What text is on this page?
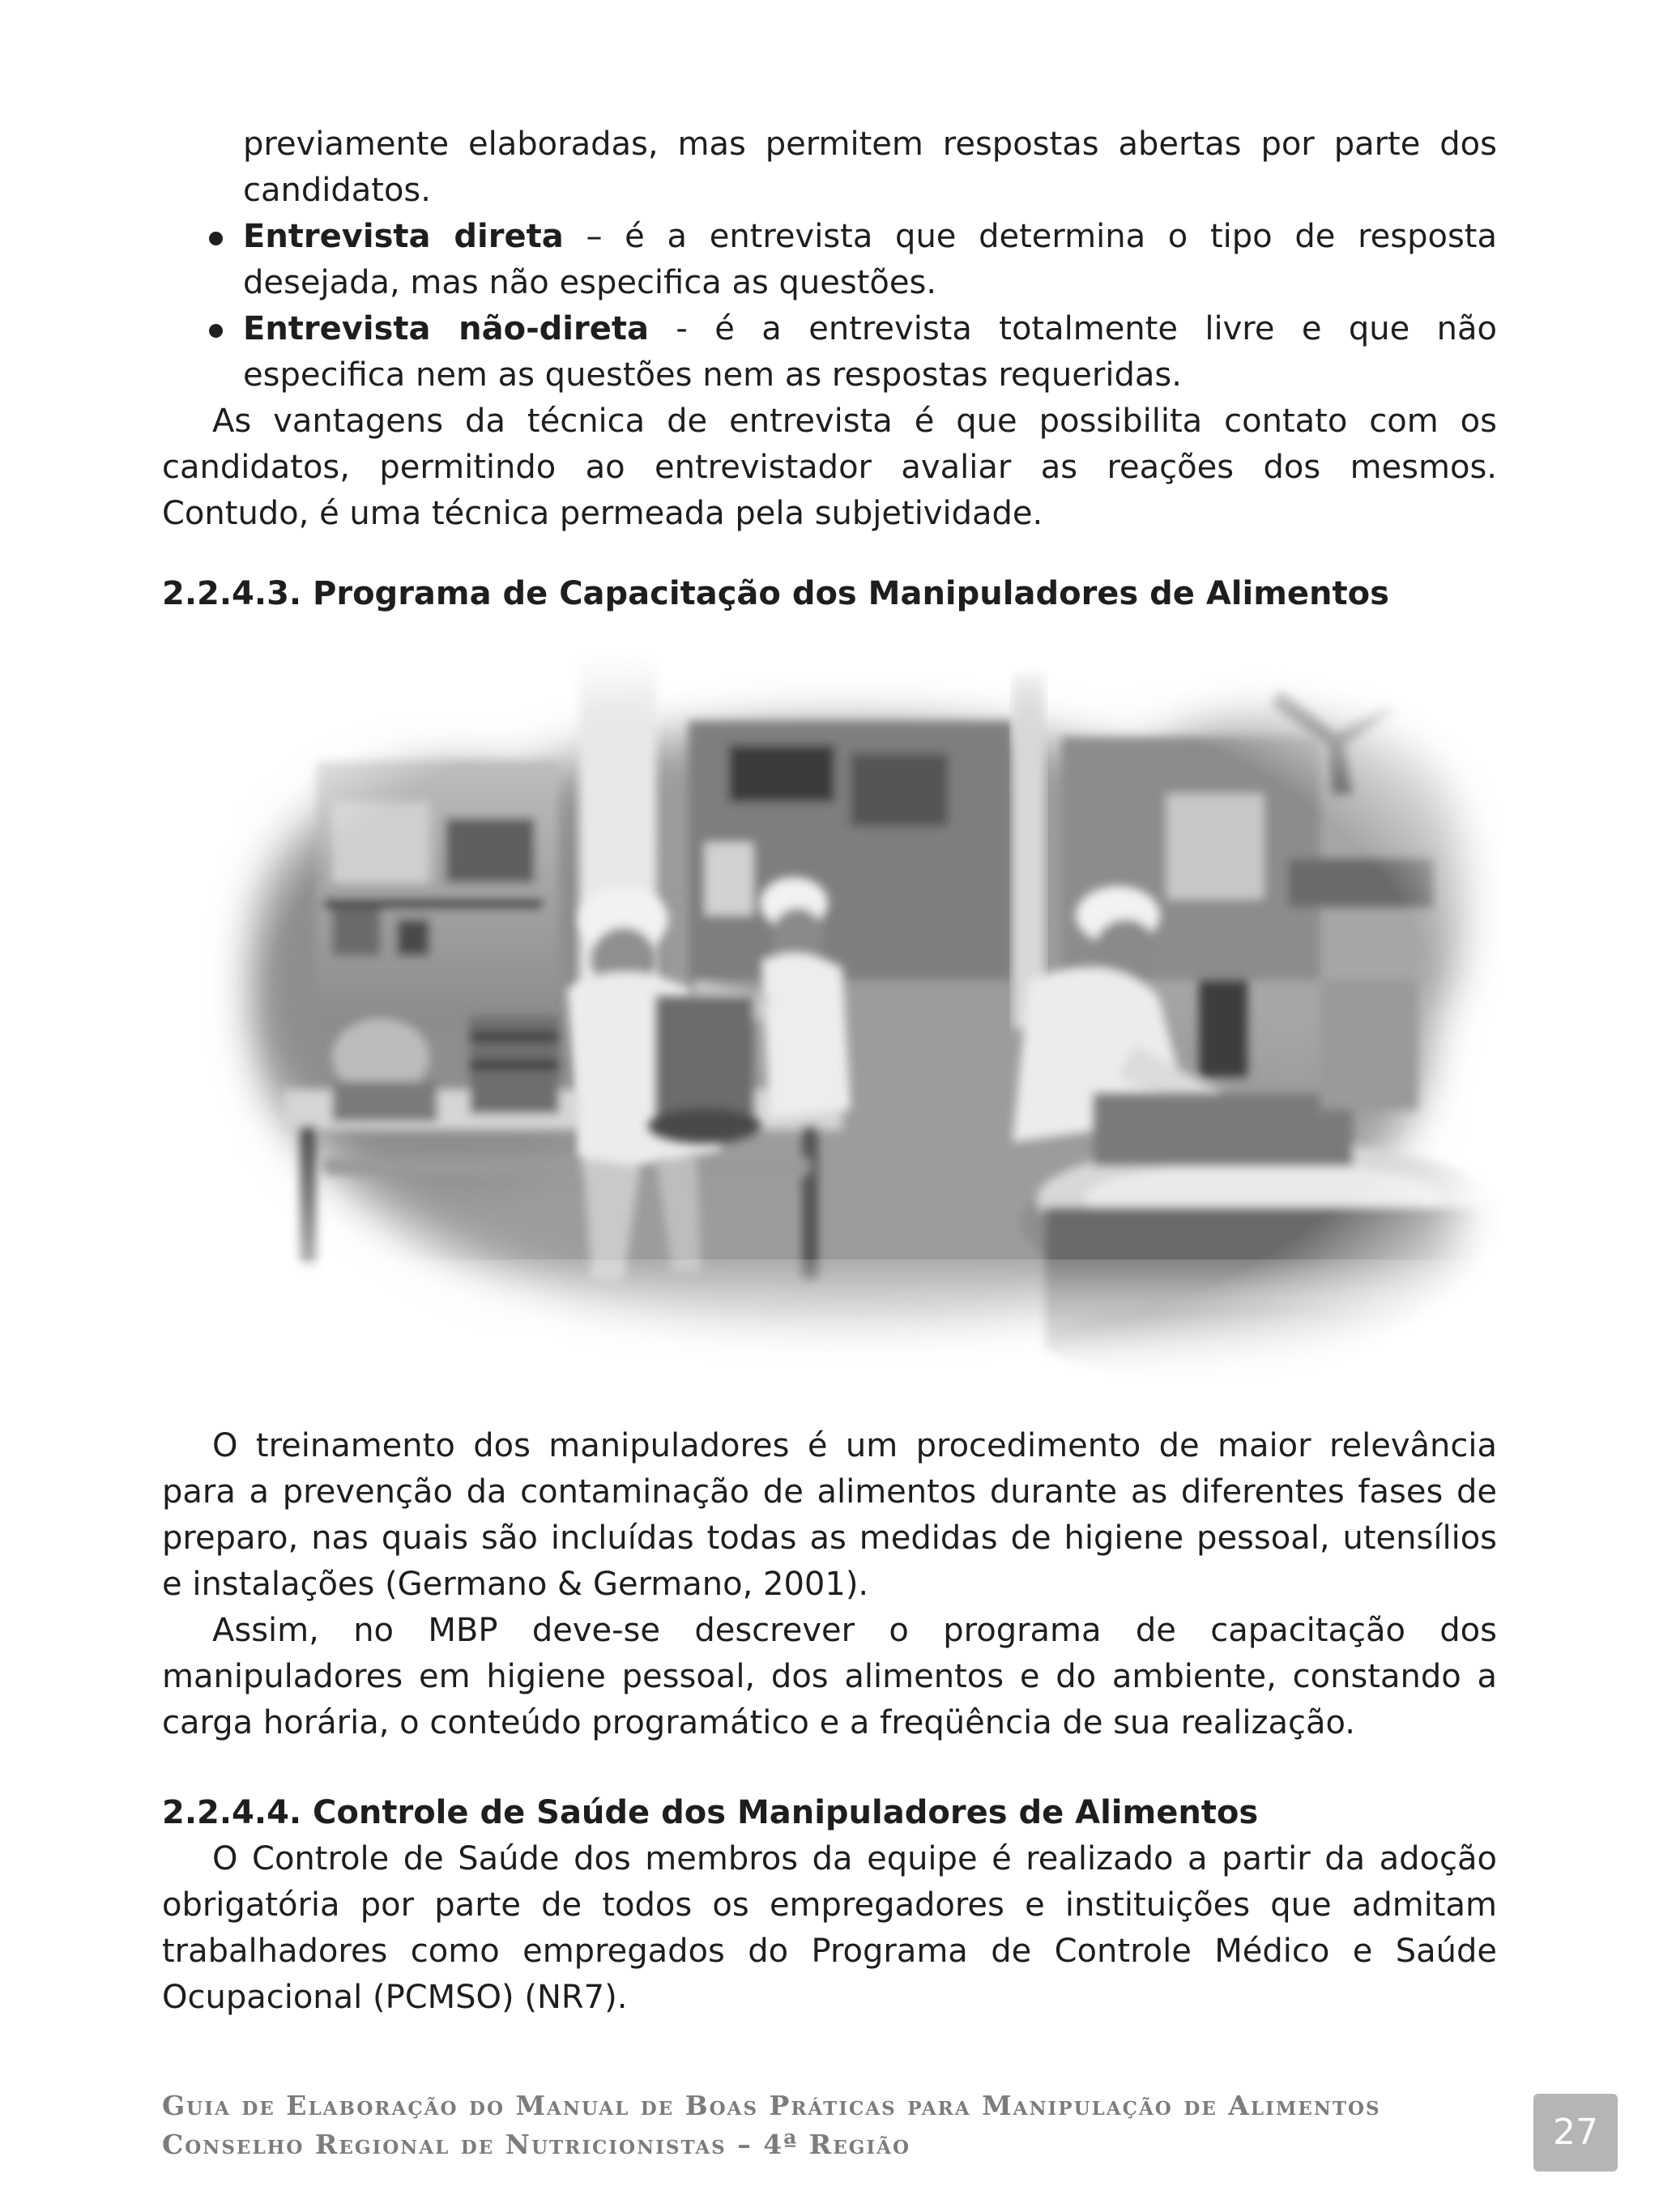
previamente elaboradas, mas permitem respostas abertas por parte dos

candidatos.

Entrevista direta – é a entrevista que determina o tipo de resposta desejada, mas não especifica as questões.
Entrevista não-direta - é a entrevista totalmente livre e que não especifica nem as questões nem as respostas requeridas.

As vantagens da técnica de entrevista é que possibilita contato com os candidatos, permitindo ao entrevistador avaliar as reações dos mesmos. Contudo, é uma técnica permeada pela subjetividade.

2.2.4.3. Programa de Capacitação dos Manipuladores de Alimentos

O treinamento dos manipuladores é um procedimento de maior relevância para a prevenção da contaminação de alimentos durante as diferentes fases de preparo, nas quais são incluídas todas as medidas de higiene pessoal, utensílios e instalações (Germano & Germano, 2001).

Assim, no MBP deve-se descrever o programa de capacitação dos manipuladores em higiene pessoal, dos alimentos e do ambiente, constando a carga horária, o conteúdo programático e a freqüência de sua realização.

2.2.4.4. Controle de Saúde dos Manipuladores de Alimentos

O Controle de Saúde dos membros da equipe é realizado a partir da adoção obrigatória por parte de todos os empregadores e instituições que admitam trabalhadores como empregados do Programa de Controle Médico e Saúde Ocupacional (PCMSO) (NR7).

Guia de Elaboração do Manual de Boas Práticas para Manipulação de Alimentos
Conselho Regional de Nutricionistas – 4ª Região	27
